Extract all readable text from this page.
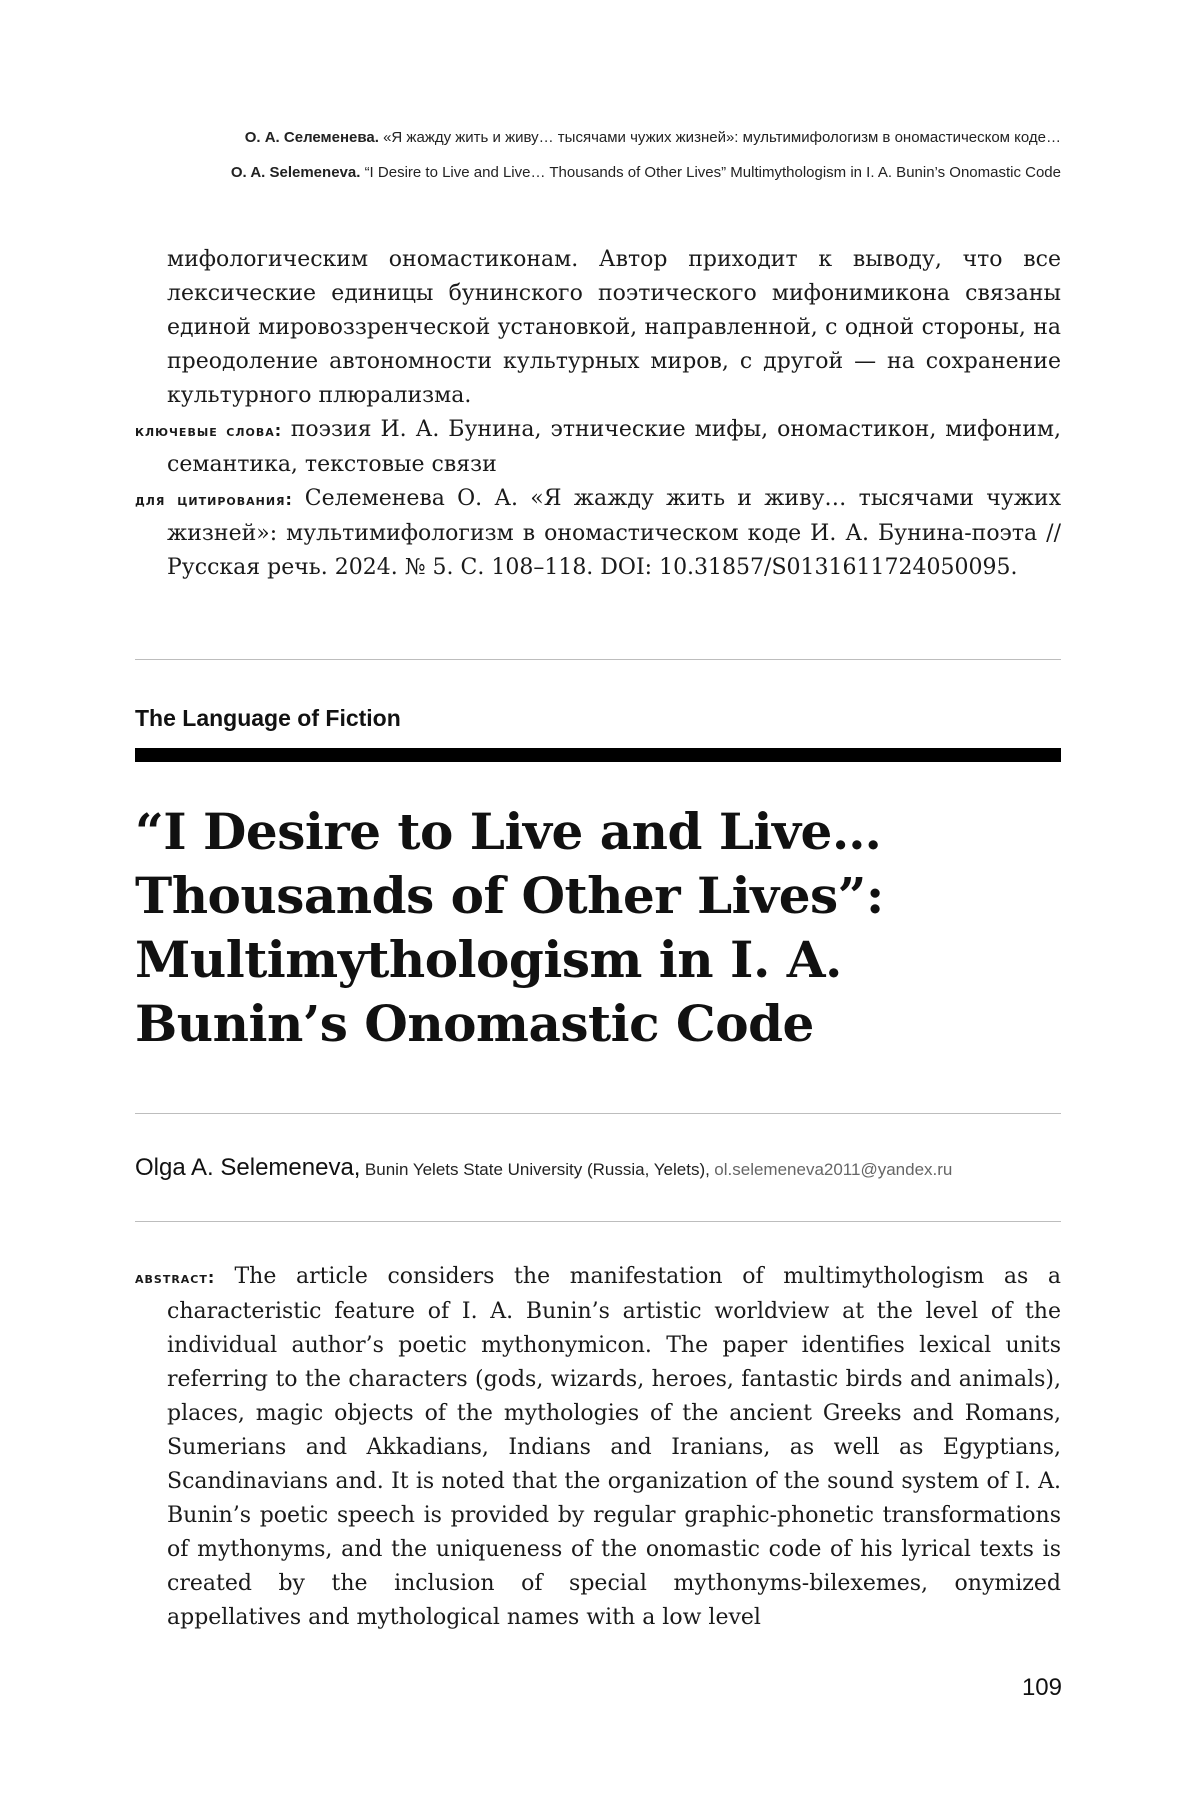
О. А. Селеменева. «Я жажду жить и живу… тысячами чужих жизней»: мультимифологизм в ономастическом коде…
O. A. Selemeneva. “I Desire to Live and Live… Thousands of Other Lives” Multimythologism in I. A. Bunin’s Onomastic Code
мифологическим ономастиконам. Автор приходит к выводу, что все лексические единицы бунинского поэтического мифонимикона связаны единой мировоззренческой установкой, направленной, с одной стороны, на преодоление автономности культурных миров, с другой — на сохранение культурного плюрализма.
ключевые слова: поэзия И. А. Бунина, этнические мифы, ономастикон, мифоним, семантика, текстовые связи
для цитирования: Селеменева О. А. «Я жажду жить и живу… тысячами чужих жизней»: мультимифологизм в ономастическом коде И. А. Бунина-поэта // Русская речь. 2024. № 5. С. 108–118. DOI: 10.31857/S0131611724050095.
The Language of Fiction
“I Desire to Live and Live… Thousands of Other Lives”: Multimythologism in I. A. Bunin’s Onomastic Code
Olga A. Selemeneva, Bunin Yelets State University (Russia, Yelets), ol.selemeneva2011@yandex.ru
abstract: The article considers the manifestation of multimythologism as a characteristic feature of I. A. Bunin’s artistic worldview at the level of the individual author’s poetic mythonymicon. The paper identifies lexical units referring to the characters (gods, wizards, heroes, fantastic birds and animals), places, magic objects of the mythologies of the ancient Greeks and Romans, Sumerians and Akkadians, Indians and Iranians, as well as Egyptians, Scandinavians and. It is noted that the organization of the sound system of I. A. Bunin’s poetic speech is provided by regular graphic-phonetic transformations of mythonyms, and the uniqueness of the onomastic code of his lyrical texts is created by the inclusion of special mythonyms-bilexemes, onymized appellatives and mythological names with a low level
109
